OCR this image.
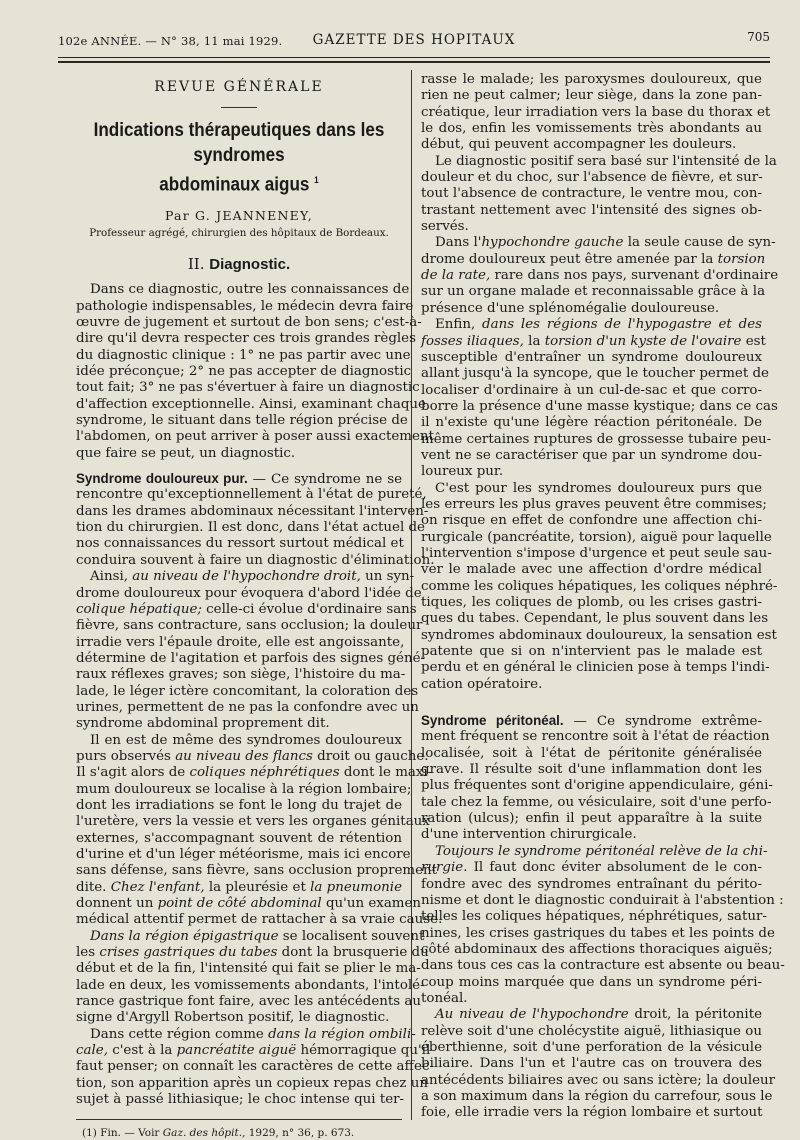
102e ANNÉE. — N° 38, 11 mai 1929.	GAZETTE DES HOPITAUX	705
REVUE GÉNÉRALE
Indications thérapeutiques dans les syndromes
abdominaux aigus $^1$
Par G. JEANNENEY,
Professeur agrégé, chirurgien des hôpitaux de Bordeaux.
II. Diagnostic.
Dans ce diagnostic, outre les connaissances de
pathologie indispensables, le médecin devra faire
œuvre de jugement et surtout de bon sens; c'est-à-
dire qu'il devra respecter ces trois grandes règles
du diagnostic clinique : 1° ne pas partir avec une
idée préconçue; 2° ne pas accepter de diagnostic
tout fait; 3° ne pas s'évertuer à faire un diagnostic
d'affection exceptionnelle. Ainsi, examinant chaque
syndrome, le situant dans telle région précise de
l'abdomen, on peut arriver à poser aussi exactement
que faire se peut, un diagnostic.
Syndrome douloureux pur. — Ce syndrome ne se
rencontre qu'exceptionnellement à l'état de pureté,
dans les drames abdominaux nécessitant l'interven-
tion du chirurgien. Il est donc, dans l'état actuel de
nos connaissances du ressort surtout médical et
conduira souvent à faire un diagnostic d'élimination.
Ainsi, au niveau de l'hypochondre droit, un syn-
drome douloureux pour évoquera d'abord l'idée de
colique hépatique; celle-ci évolue d'ordinaire sans
fièvre, sans contracture, sans occlusion; la douleur
irradie vers l'épaule droite, elle est angoissante,
détermine de l'agitation et parfois des signes géné-
raux réflexes graves; son siège, l'histoire du ma-
lade, le léger ictère concomitant, la coloration des
urines, permettent de ne pas la confondre avec un
syndrome abdominal proprement dit.
Il en est de même des syndromes douloureux
purs observés au niveau des flancs droit ou gauche.
Il s'agit alors de coliques néphrétiques dont le maxi-
mum douloureux se localise à la région lombaire;
dont les irradiations se font le long du trajet de
l'uretère, vers la vessie et vers les organes génitaux
externes, s'accompagnant souvent de rétention
d'urine et d'un léger météorisme, mais ici encore
sans défense, sans fièvre, sans occlusion proprement
dite. Chez l'enfant, la pleurésie et la pneumonie
donnent un point de côté abdominal qu'un examen
médical attentif permet de rattacher à sa vraie cause.
Dans la région épigastrique se localisent souvent
les crises gastriques du tabes dont la brusquerie du
début et de la fin, l'intensité qui fait se plier le ma-
lade en deux, les vomissements abondants, l'intolé-
rance gastrique font faire, avec les antécédents au
signe d'Argyll Robertson positif, le diagnostic.
Dans cette région comme dans la région ombili-
cale, c'est à la pancréatite aiguë hémorragique qu'il
faut penser; on connaît les caractères de cette affec-
tion, son apparition après un copieux repas chez un
sujet à passé lithiasique; le choc intense qui ter-
(1) Fin. — Voir Gaz. des hôpit., 1929, n° 36, p. 673.
rasse le malade; les paroxysmes douloureux, que
rien ne peut calmer; leur siège, dans la zone pan-
créatique, leur irradiation vers la base du thorax et
le dos, enfin les vomissements très abondants au
début, qui peuvent accompagner les douleurs.
Le diagnostic positif sera basé sur l'intensité de la
douleur et du choc, sur l'absence de fièvre, et sur-
tout l'absence de contracture, le ventre mou, con-
trastant nettement avec l'intensité des signes ob-
servés.
Dans l'hypochondre gauche la seule cause de syn-
drome douloureux peut être amenée par la torsion
de la rate, rare dans nos pays, survenant d'ordinaire
sur un organe malade et reconnaissable grâce à la
présence d'une splénomégalie douloureuse.
Enfin, dans les régions de l'hypogastre et des
fosses iliaques, la torsion d'un kyste de l'ovaire est
susceptible d'entraîner un syndrome douloureux
allant jusqu'à la syncope, que le toucher permet de
localiser d'ordinaire à un cul-de-sac et que corro-
borre la présence d'une masse kystique; dans ce cas
il n'existe qu'une légère réaction péritonéale. De
même certaines ruptures de grossesse tubaire peu-
vent ne se caractériser que par un syndrome dou-
loureux pur.
C'est pour les syndromes douloureux purs que
les erreurs les plus graves peuvent être commises;
on risque en effet de confondre une affection chi-
rurgicale (pancréatite, torsion), aiguë pour laquelle
l'intervention s'impose d'urgence et peut seule sau-
ver le malade avec une affection d'ordre médical
comme les coliques hépatiques, les coliques néphré-
tiques, les coliques de plomb, ou les crises gastri-
ques du tabes. Cependant, le plus souvent dans les
syndromes abdominaux douloureux, la sensation est
patente que si on n'intervient pas le malade est
perdu et en général le clinicien pose à temps l'indi-
cation opératoire.
Syndrome péritonéal. — Ce syndrome extrême-
ment fréquent se rencontre soit à l'état de réaction
localisée, soit à l'état de péritonite généralisée
grave. Il résulte soit d'une inflammation dont les
plus fréquentes sont d'origine appendiculaire, géni-
tale chez la femme, ou vésiculaire, soit d'une perfo-
ration (ulcus); enfin il peut apparaître à la suite
d'une intervention chirurgicale.
Toujours le syndrome péritonéal relève de la chi-
rurgie. Il faut donc éviter absolument de le con-
fondre avec des syndromes entraînant du périto-
nisme et dont le diagnostic conduirait à l'abstention :
telles les coliques hépatiques, néphrétiques, satur-
nines, les crises gastriques du tabes et les points de
côté abdominaux des affections thoraciques aiguës;
dans tous ces cas la contracture est absente ou beau-
coup moins marquée que dans un syndrome péri-
tonéal.
Au niveau de l'hypochondre droit, la péritonite
relève soit d'une cholécystite aiguë, lithiasique ou
éberthienne, soit d'une perforation de la vésicule
biliaire. Dans l'un et l'autre cas on trouvera des
antécédents biliaires avec ou sans ictère; la douleur
a son maximum dans la région du carrefour, sous le
foie, elle irradie vers la région lombaire et surtout
